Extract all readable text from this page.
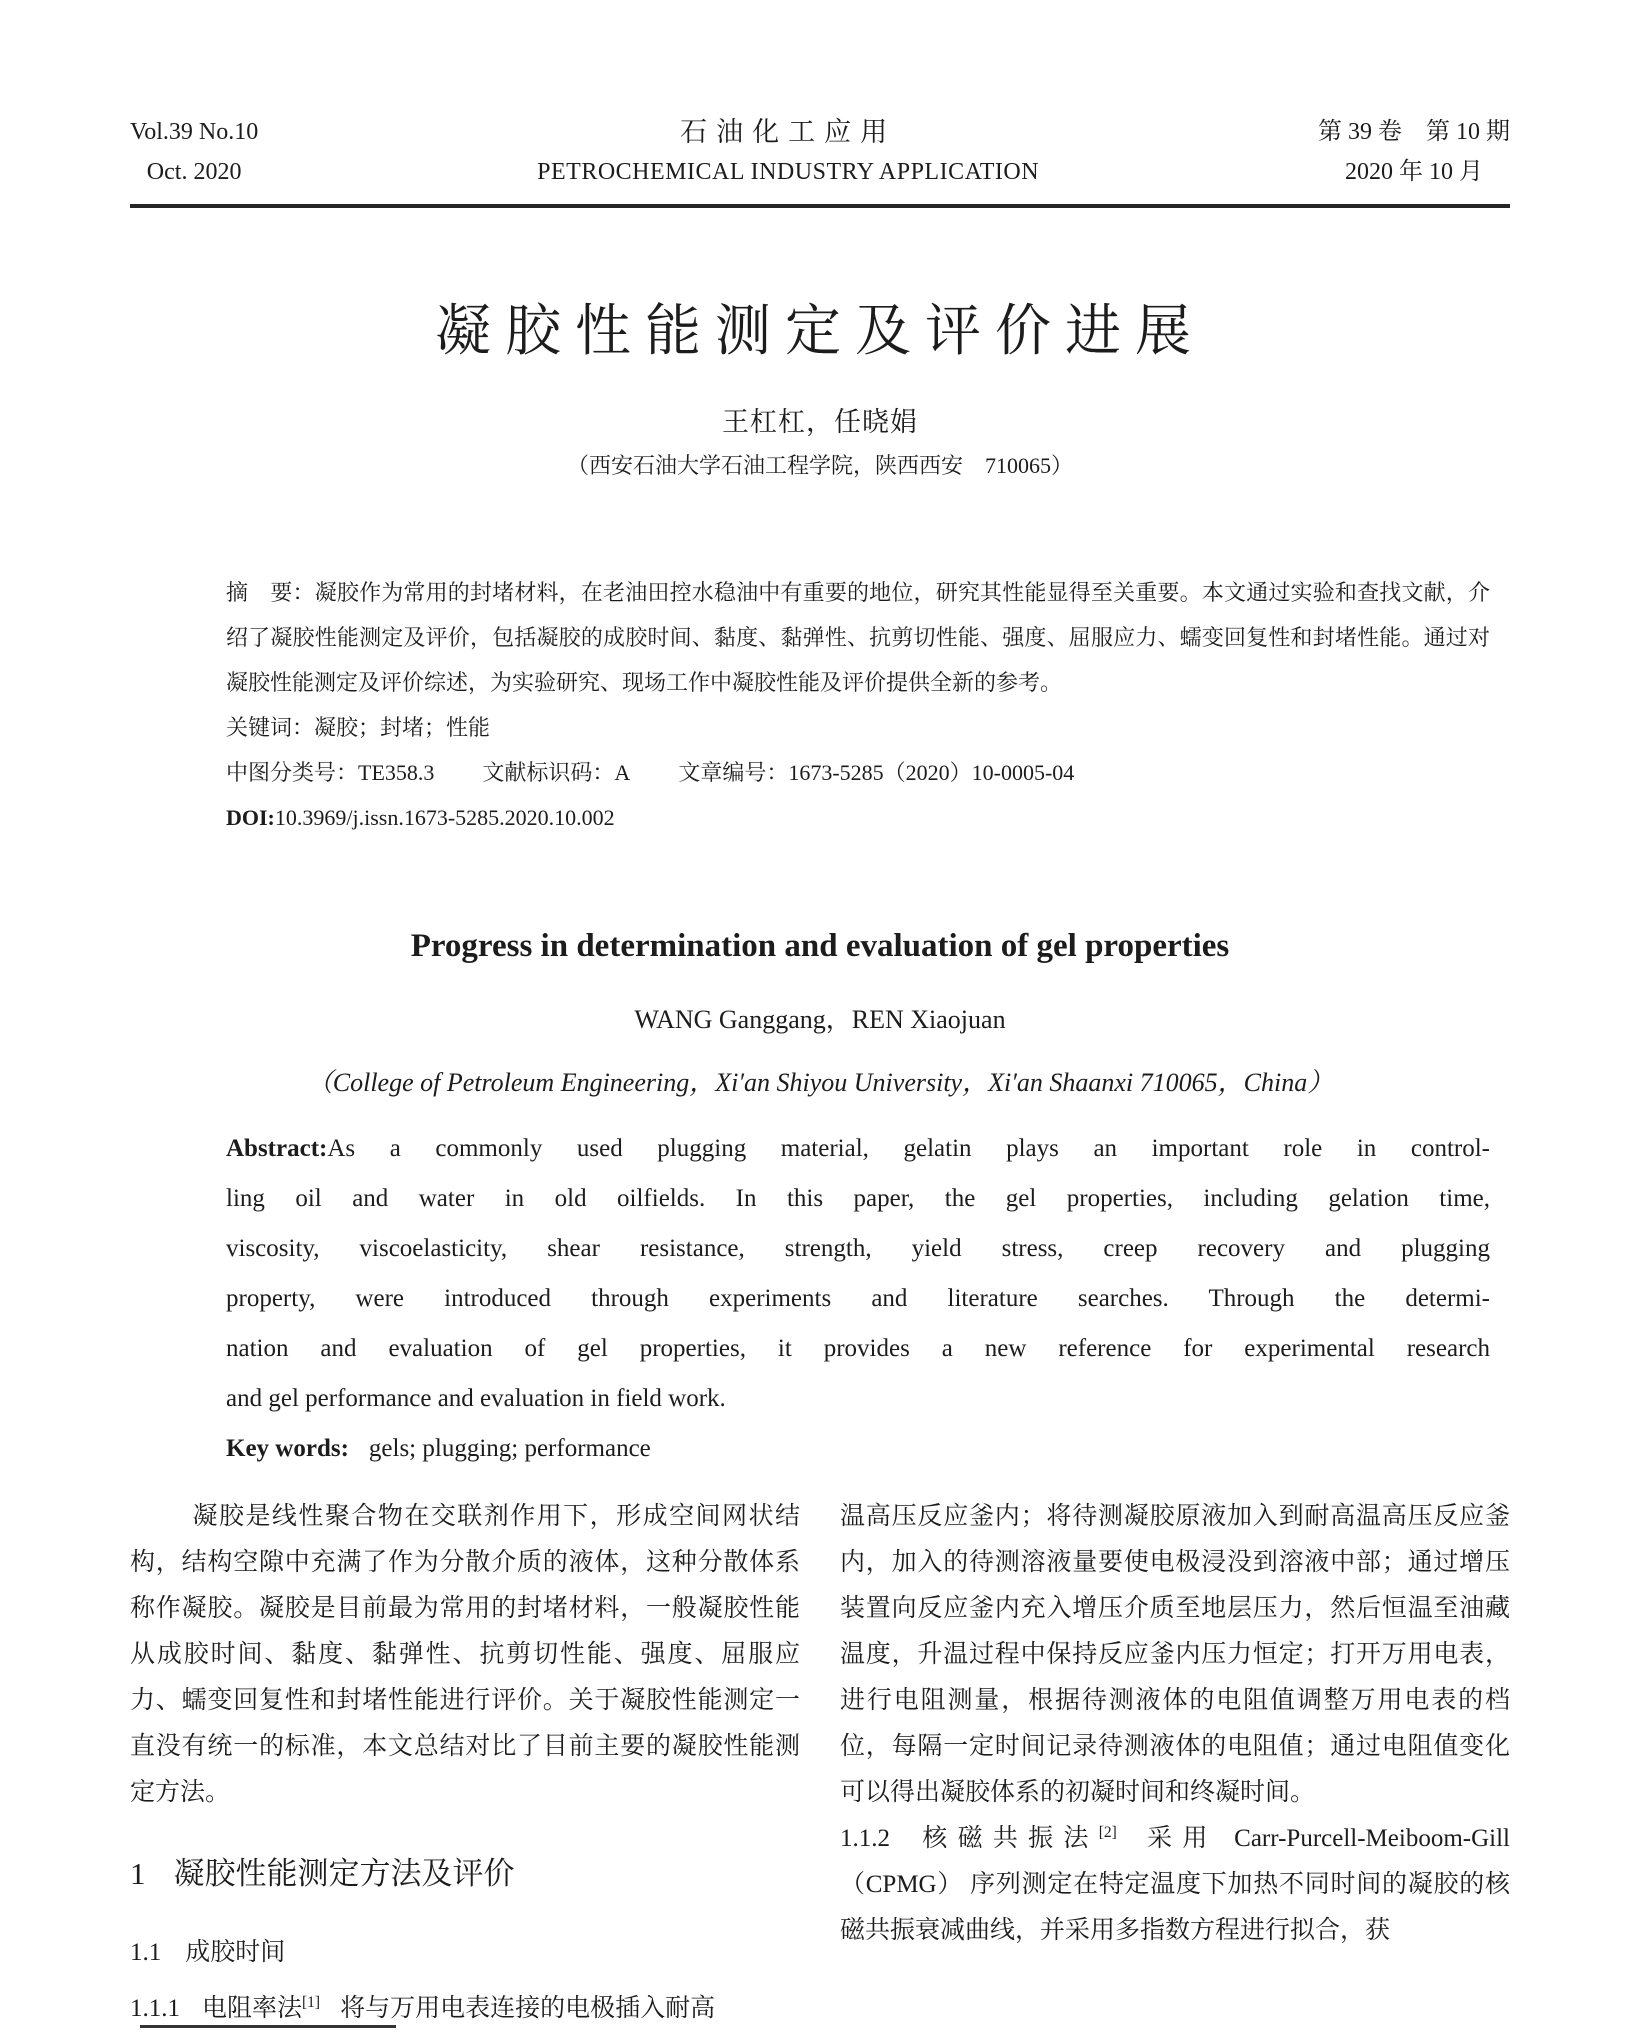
Vol.39 No.10
Oct. 2020
石油化工应用
PETROCHEMICAL INDUSTRY APPLICATION
第 39 卷　第 10 期
2020 年 10 月
凝胶性能测定及评价进展
王杠杠，任晓娟
（西安石油大学石油工程学院，陕西西安　710065）

摘　要：凝胶作为常用的封堵材料，在老油田控水稳油中有重要的地位，研究其性能显得至关重要。本文通过实验和查找文献，介绍了凝胶性能测定及评价，包括凝胶的成胶时间、黏度、黏弹性、抗剪切性能、强度、屈服应力、蠕变回复性和封堵性能。通过对凝胶性能测定及评价综述，为实验研究、现场工作中凝胶性能及评价提供全新的参考。

关键词：凝胶；封堵；性能

中图分类号：TE358.3 文献标识码：A 文章编号：1673-5285（2020）10-0005-04

DOI:10.3969/j.issn.1673-5285.2020.10.002

Progress in determination and evaluation of gel properties
WANG Ganggang，REN Xiaojuan
（College of Petroleum Engineering，Xi′an Shiyou University，Xi′an Shaanxi 710065，China）
Abstract:As a commonly used plugging material, gelatin plays an important role in control-
ling oil and water in old oilfields. In this paper, the gel properties, including gelation time,
viscosity, viscoelasticity, shear resistance, strength, yield stress, creep recovery and plugging
property, were introduced through experiments and literature searches. Through the determi-
nation and evaluation of gel properties, it provides a new reference for experimental research
and gel performance and evaluation in field work.
Key words: gels; plugging; performance

凝胶是线性聚合物在交联剂作用下，形成空间网状结构，结构空隙中充满了作为分散介质的液体，这种分散体系称作凝胶。凝胶是目前最为常用的封堵材料，一般凝胶性能从成胶时间、黏度、黏弹性、抗剪切性能、强度、屈服应力、蠕变回复性和封堵性能进行评价。关于凝胶性能测定一直没有统一的标准，本文总结对比了目前主要的凝胶性能测定方法。

1 凝胶性能测定方法及评价
1.1 成胶时间

1.1.1 电阻率法[1] 将与万用电表连接的电极插入耐高

温高压反应釜内；将待测凝胶原液加入到耐高温高压反应釜内，加入的待测溶液量要使电极浸没到溶液中部；通过增压装置向反应釜内充入增压介质至地层压力，然后恒温至油藏温度，升温过程中保持反应釜内压力恒定；打开万用电表，进行电阻测量，根据待测液体的电阻值调整万用电表的档位，每隔一定时间记录待测液体的电阻值；通过电阻值变化可以得出凝胶体系的初凝时间和终凝时间。

1.1.2 核磁共振法[2] 采用 Carr-Purcell-Meiboom-Gill（CPMG） 序列测定在特定温度下加热不同时间的凝胶的核磁共振衰减曲线，并采用多指数方程进行拟合，获
